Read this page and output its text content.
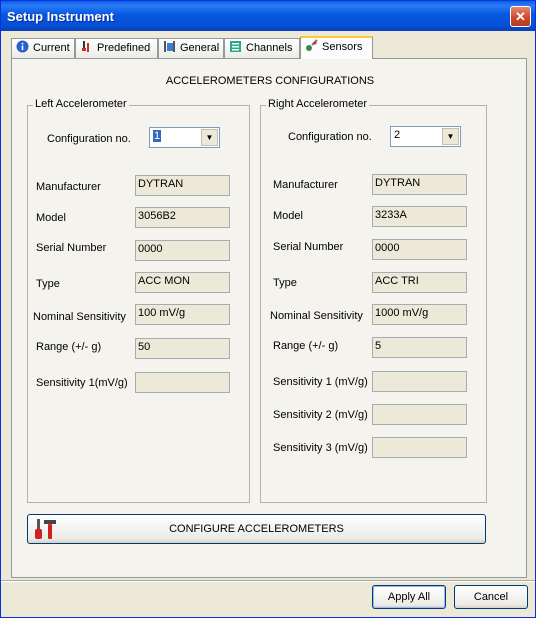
Setup Instrument	✕
Current	Predefined	General	Channels	Sensors
ACCELEROMETERS CONFIGURATIONS
Left Accelerometer
Configuration no. 1	▼
Manufacturer	DYTRAN
Model	3056B2
Serial Number	0000
Type	ACC MON
Nominal Sensitivity 100 mV/g
Range (+/- g)	50
Sensitivity 1(mV/g)
Right Accelerometer
Configuration no. 2	▼
Manufacturer	DYTRAN
Model	3233A
Serial Number	0000
Type	ACC TRI
Nominal Sensitivity 1000 mV/g
Range (+/- g)	5
Sensitivity 1 (mV/g)
Sensitivity 2 (mV/g)
Sensitivity 3 (mV/g)
CONFIGURE ACCELEROMETERS
Apply All	Cancel
